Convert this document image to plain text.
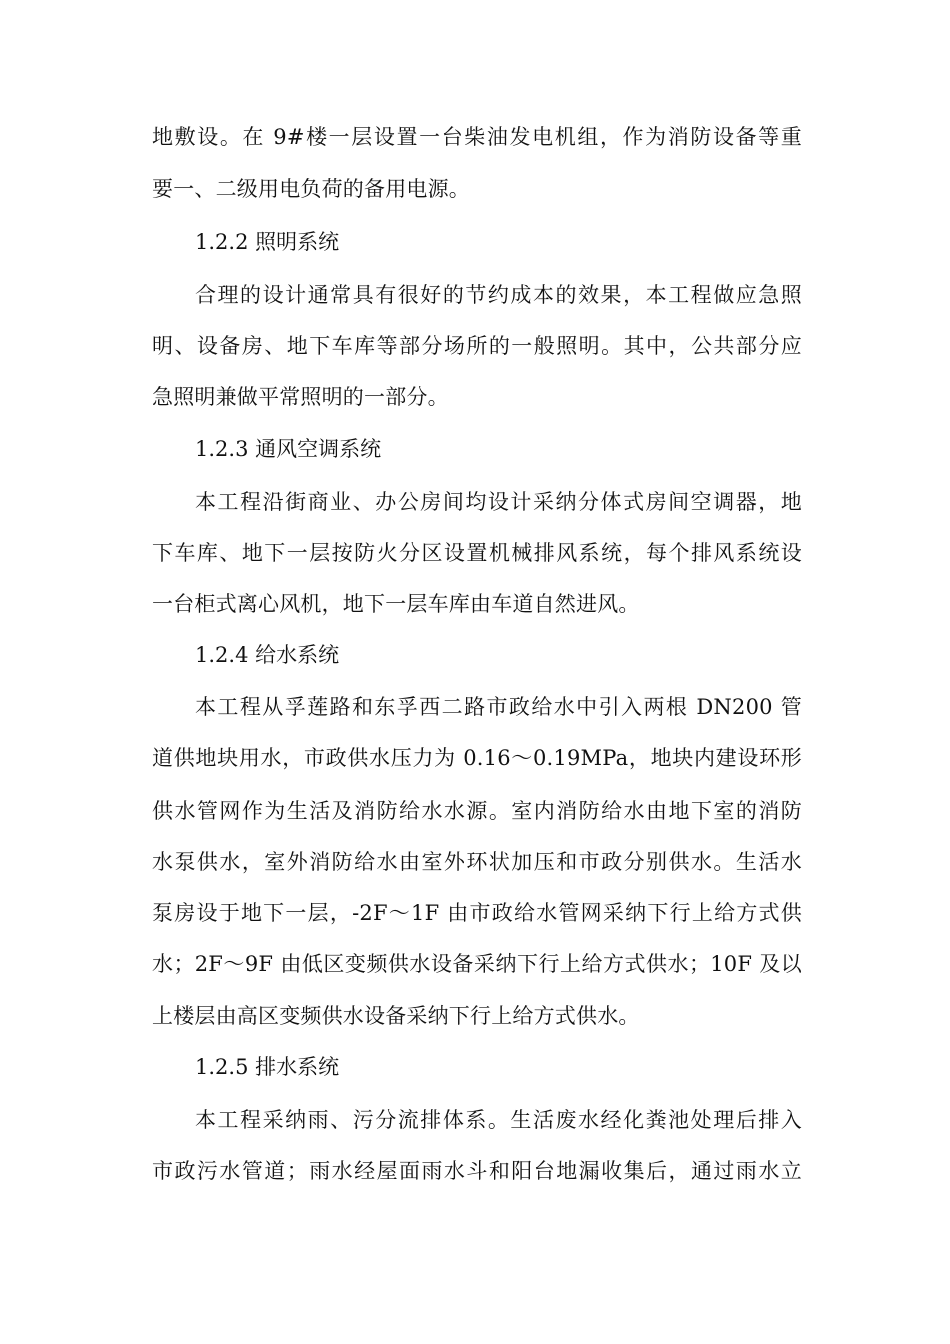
地敷设。在 9#楼一层设置一台柴油发电机组，作为消防设备等重
要一、二级用电负荷的备用电源。
1.2.2 照明系统
合理的设计通常具有很好的节约成本的效果，本工程做应急照
明、设备房、地下车库等部分场所的一般照明。其中，公共部分应
急照明兼做平常照明的一部分。
1.2.3 通风空调系统
本工程沿街商业、办公房间均设计采纳分体式房间空调器，地
下车库、地下一层按防火分区设置机械排风系统，每个排风系统设
一台柜式离心风机，地下一层车库由车道自然进风。
1.2.4 给水系统
本工程从孚莲路和东孚西二路市政给水中引入两根 DN200 管
道供地块用水，市政供水压力为 0.16～0.19MPa，地块内建设环形
供水管网作为生活及消防给水水源。室内消防给水由地下室的消防
水泵供水，室外消防给水由室外环状加压和市政分别供水。生活水
泵房设于地下一层，-2F～1F 由市政给水管网采纳下行上给方式供
水；2F～9F 由低区变频供水设备采纳下行上给方式供水；10F 及以
上楼层由高区变频供水设备采纳下行上给方式供水。
1.2.5 排水系统
本工程采纳雨、污分流排体系。生活废水经化粪池处理后排入
市政污水管道；雨水经屋面雨水斗和阳台地漏收集后，通过雨水立
